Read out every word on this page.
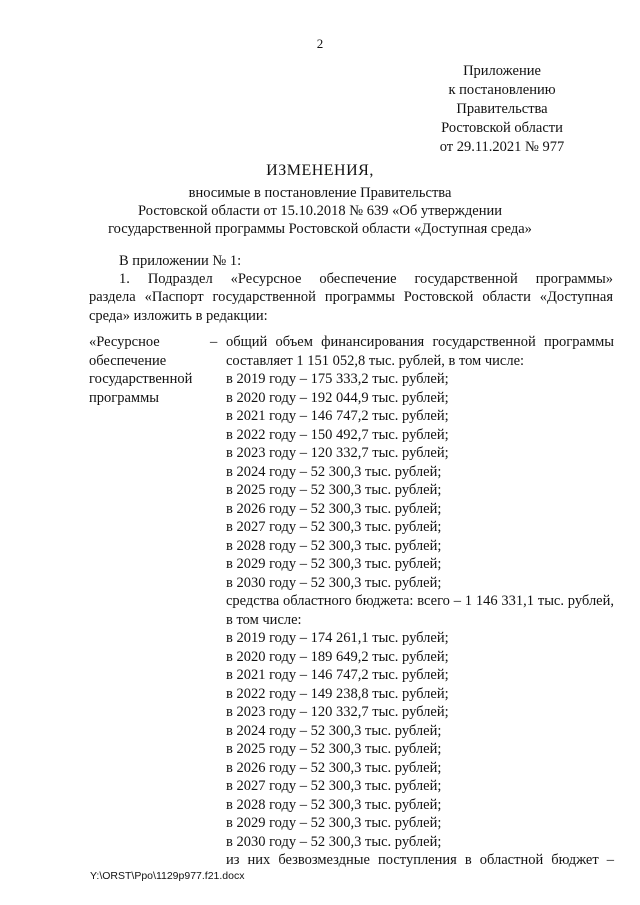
2
Приложение
к постановлению
Правительства
Ростовской области
от 29.11.2021 № 977
ИЗМЕНЕНИЯ,
вносимые в постановление Правительства
Ростовской области от 15.10.2018 № 639 «Об утверждении
государственной программы Ростовской области «Доступная среда»
В приложении № 1:
1. Подраздел «Ресурсное обеспечение государственной программы»
раздела «Паспорт государственной программы Ростовской области «Доступная
среда» изложить в редакции:
«Ресурсное
обеспечение
государственной
программы
– общий объем финансирования государственной программы
составляет 1 151 052,8 тыс. рублей, в том числе:
в 2019 году – 175 333,2 тыс. рублей;
в 2020 году – 192 044,9 тыс. рублей;
в 2021 году – 146 747,2 тыс. рублей;
в 2022 году – 150 492,7 тыс. рублей;
в 2023 году – 120 332,7 тыс. рублей;
в 2024 году – 52 300,3 тыс. рублей;
в 2025 году – 52 300,3 тыс. рублей;
в 2026 году – 52 300,3 тыс. рублей;
в 2027 году – 52 300,3 тыс. рублей;
в 2028 году – 52 300,3 тыс. рублей;
в 2029 году – 52 300,3 тыс. рублей;
в 2030 году – 52 300,3 тыс. рублей;
средства областного бюджета: всего – 1 146 331,1 тыс. рублей,
в том числе:
в 2019 году – 174 261,1 тыс. рублей;
в 2020 году – 189 649,2 тыс. рублей;
в 2021 году – 146 747,2 тыс. рублей;
в 2022 году – 149 238,8 тыс. рублей;
в 2023 году – 120 332,7 тыс. рублей;
в 2024 году – 52 300,3 тыс. рублей;
в 2025 году – 52 300,3 тыс. рублей;
в 2026 году – 52 300,3 тыс. рублей;
в 2027 году – 52 300,3 тыс. рублей;
в 2028 году – 52 300,3 тыс. рублей;
в 2029 году – 52 300,3 тыс. рублей;
в 2030 году – 52 300,3 тыс. рублей;
из них безвозмездные поступления в областной бюджет –
Y:\ORST\Ppo\1129p977.f21.docx
